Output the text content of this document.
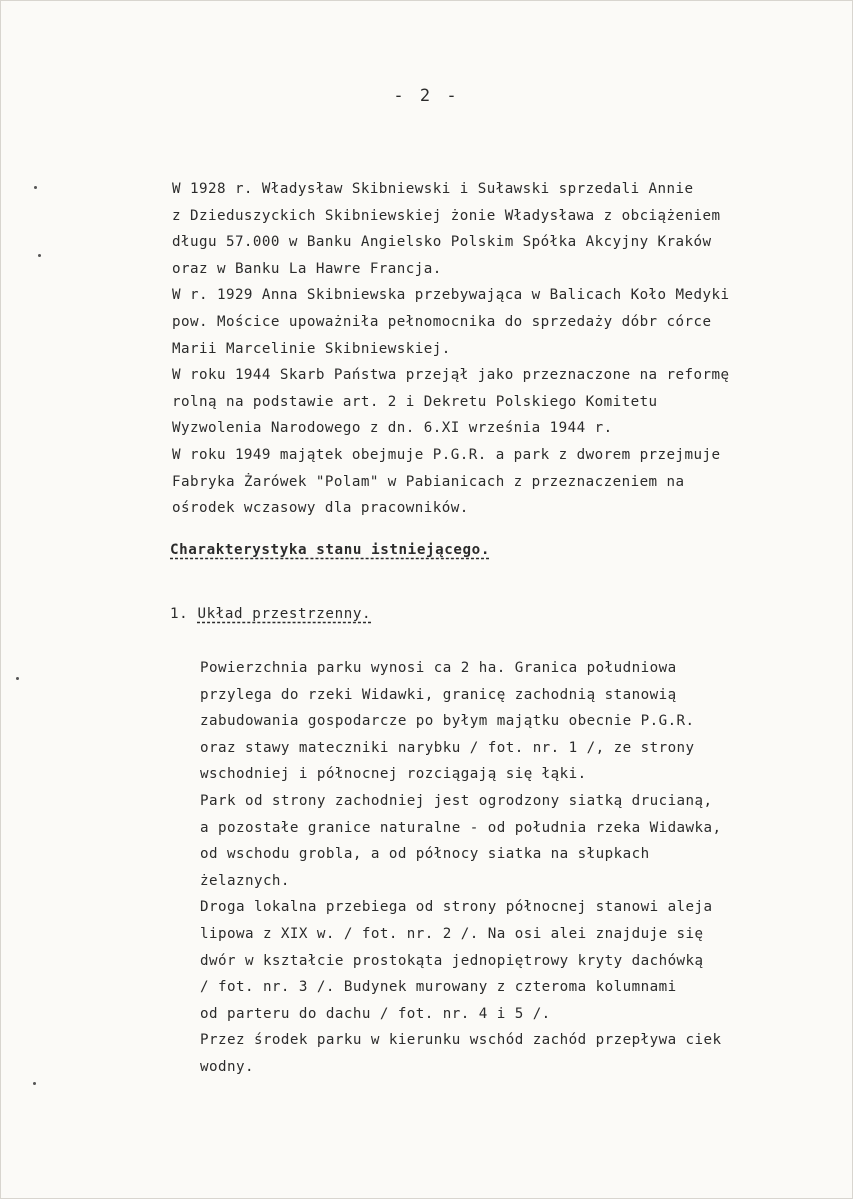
- 2 -
W 1928 r. Władysław Skibniewski i Suławski sprzedali Annie
z Dzieduszyckich Skibniewskiej żonie Władysława z obciążeniem
długu 57.000 w Banku Angielsko Polskim Spółka Akcyjny Kraków
oraz w Banku La Hawre Francja.
W r. 1929 Anna Skibniewska przebywająca w Balicach Koło Medyki
pow. Mościce upoważniła pełnomocnika do sprzedaży dóbr córce
Marii Marcelinie Skibniewskiej.
W roku 1944 Skarb Państwa przejął jako przeznaczone na reformę
rolną na podstawie art. 2 i Dekretu Polskiego Komitetu
Wyzwolenia Narodowego z dn. 6.XI września 1944 r.
W roku 1949 majątek obejmuje P.G.R. a park z dworem przejmuje
Fabryka Żarówek "Polam" w Pabianicach z przeznaczeniem na
ośrodek wczasowy dla pracowników.
Charakterystyka stanu istniejącego.
1. Układ przestrzenny.
Powierzchnia parku wynosi ca 2 ha. Granica południowa
przylega do rzeki Widawki, granicę zachodnią stanowią
zabudowania gospodarcze po byłym majątku obecnie P.G.R.
oraz stawy mateczniki narybku / fot. nr. 1 /, ze strony
wschodniej i północnej rozciągają się łąki.
Park od strony zachodniej jest ogrodzony siatką drucianą,
a pozostałe granice naturalne - od południa rzeka Widawka,
od wschodu grobla, a od północy siatka na słupkach
żelaznych.
Droga lokalna przebiega od strony północnej stanowi aleja
lipowa z XIX w. / fot. nr. 2 /. Na osi alei znajduje się
dwór w kształcie prostokąta jednopiętrowy kryty dachówką
/ fot. nr. 3 /. Budynek murowany z czteroma kolumnami
od parteru do dachu / fot. nr. 4 i 5 /.
Przez środek parku w kierunku wschód zachód przepływa ciek
wodny.
